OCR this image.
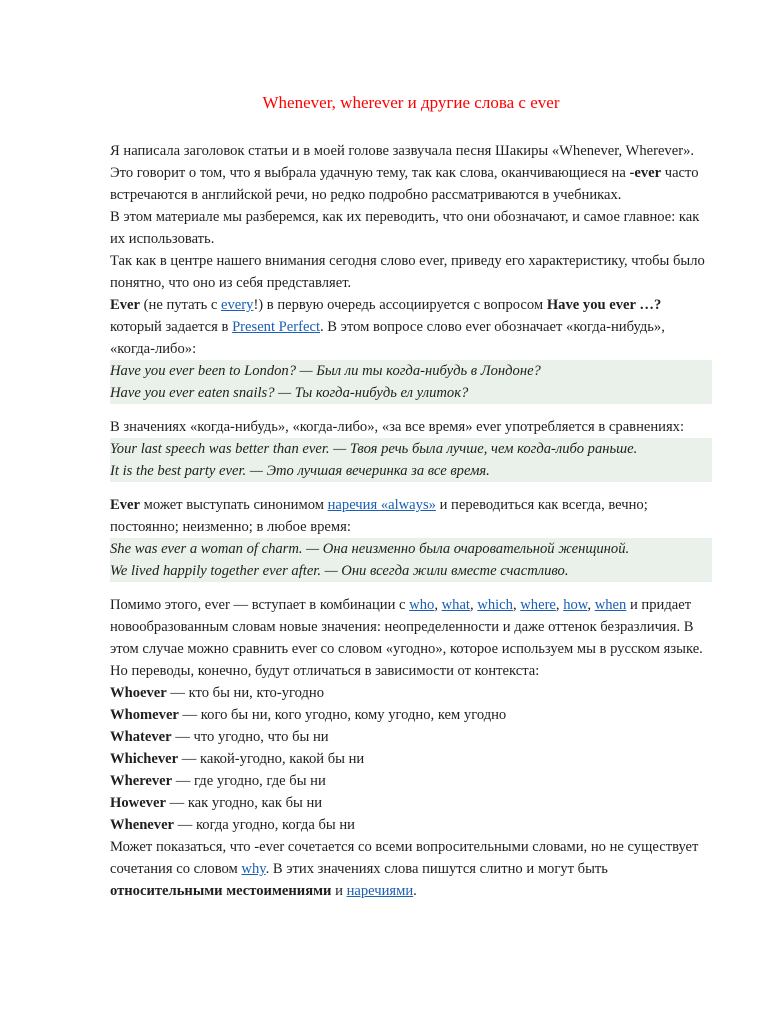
Whenever, wherever и другие слова с ever

Я написала заголовок статьи и в моей голове зазвучала песня Шакиры «Whenever, Wherever». Это говорит о том, что я выбрала удачную тему, так как слова, оканчивающиеся на -ever часто встречаются в английской речи, но редко подробно рассматриваются в учебниках.

В этом материале мы разберемся, как их переводить, что они обозначают, и самое главное: как их использовать.

Так как в центре нашего внимания сегодня слово ever, приведу его характеристику, чтобы было понятно, что оно из себя представляет.

Ever (не путать с every!) в первую очередь ассоциируется с вопросом Have you ever …? который задается в Present Perfect. В этом вопросе слово ever обозначает «когда-нибудь», «когда-либо»:

Have you ever been to London? — Был ли ты когда-нибудь в Лондоне?

Have you ever eaten snails? — Ты когда-нибудь ел улиток?

В значениях «когда-нибудь», «когда-либо», «за все время» ever употребляется в сравнениях:

Your last speech was better than ever. — Твоя речь была лучше, чем когда-либо раньше.

It is the best party ever. — Это лучшая вечеринка за все время.

Ever может выступать синонимом наречия «always» и переводиться как всегда, вечно; постоянно; неизменно; в любое время:

She was ever a woman of charm. — Она неизменно была очаровательной женщиной.

We lived happily together ever after. — Они всегда жили вместе счастливо.

Помимо этого, ever — вступает в комбинации с who, what, which, where, how, when и придает новообразованным словам новые значения: неопределенности и даже оттенок безразличия. В этом случае можно сравнить ever со словом «угодно», которое используем мы в русском языке. Но переводы, конечно, будут отличаться в зависимости от контекста:

Whoever — кто бы ни, кто-угодно

Whomever — кого бы ни, кого угодно, кому угодно, кем угодно

Whatever — что угодно, что бы ни

Whichever — какой-угодно, какой бы ни

Wherever — где угодно, где бы ни

However — как угодно, как бы ни

Whenever — когда угодно, когда бы ни

Может показаться, что -ever сочетается со всеми вопросительными словами, но не существует сочетания со словом why. В этих значениях слова пишутся слитно и могут быть относительными местоимениями и наречиями.
